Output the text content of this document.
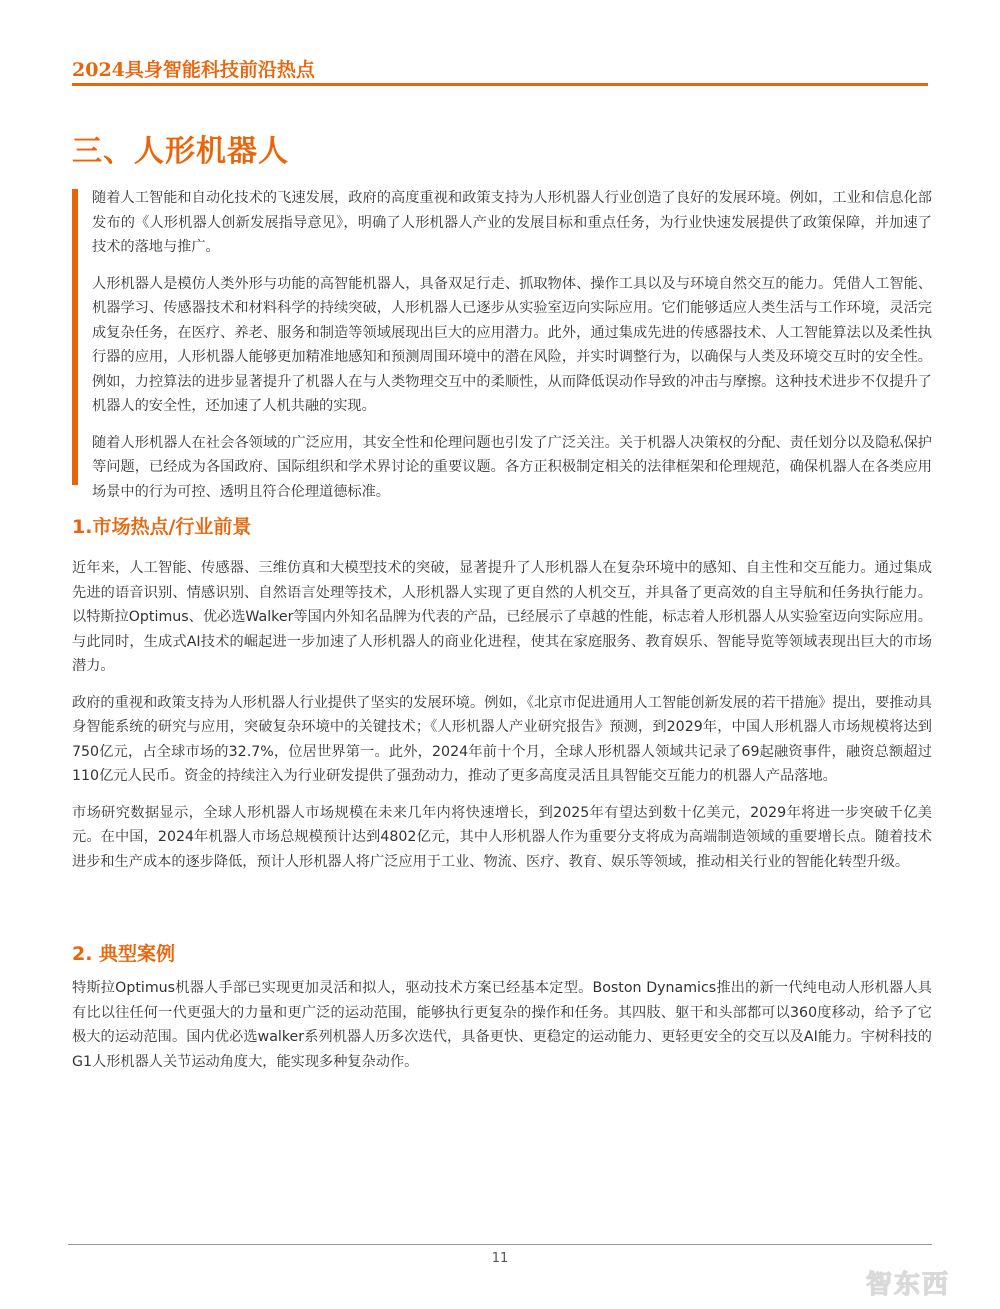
2024具身智能科技前沿热点
三、人形机器人

随着人工智能和自动化技术的飞速发展，政府的高度重视和政策支持为人形机器人行业创造了良好的发展环境。例如，工业和信息化部发布的《人形机器人创新发展指导意见》，明确了人形机器人产业的发展目标和重点任务，为行业快速发展提供了政策保障，并加速了技术的落地与推广。

人形机器人是模仿人类外形与功能的高智能机器人，具备双足行走、抓取物体、操作工具以及与环境自然交互的能力。凭借人工智能、机器学习、传感器技术和材料科学的持续突破，人形机器人已逐步从实验室迈向实际应用。它们能够适应人类生活与工作环境，灵活完成复杂任务，在医疗、养老、服务和制造等领域展现出巨大的应用潜力。此外，通过集成先进的传感器技术、人工智能算法以及柔性执行器的应用，人形机器人能够更加精准地感知和预测周围环境中的潜在风险，并实时调整行为，以确保与人类及环境交互时的安全性。例如，力控算法的进步显著提升了机器人在与人类物理交互中的柔顺性，从而降低误动作导致的冲击与摩擦。这种技术进步不仅提升了机器人的安全性，还加速了人机共融的实现。

随着人形机器人在社会各领域的广泛应用，其安全性和伦理问题也引发了广泛关注。关于机器人决策权的分配、责任划分以及隐私保护等问题，已经成为各国政府、国际组织和学术界讨论的重要议题。各方正积极制定相关的法律框架和伦理规范，确保机器人在各类应用场景中的行为可控、透明且符合伦理道德标准。

1.市场热点/行业前景

近年来，人工智能、传感器、三维仿真和大模型技术的突破，显著提升了人形机器人在复杂环境中的感知、自主性和交互能力。通过集成先进的语音识别、情感识别、自然语言处理等技术，人形机器人实现了更自然的人机交互，并具备了更高效的自主导航和任务执行能力。以特斯拉Optimus、优必选Walker等国内外知名品牌为代表的产品，已经展示了卓越的性能，标志着人形机器人从实验室迈向实际应用。与此同时，生成式AI技术的崛起进一步加速了人形机器人的商业化进程，使其在家庭服务、教育娱乐、智能导览等领域表现出巨大的市场潜力。

政府的重视和政策支持为人形机器人行业提供了坚实的发展环境。例如，《北京市促进通用人工智能创新发展的若干措施》提出，要推动具身智能系统的研究与应用，突破复杂环境中的关键技术；《人形机器人产业研究报告》预测，到2029年，中国人形机器人市场规模将达到750亿元，占全球市场的32.7%，位居世界第一。此外，2024年前十个月，全球人形机器人领域共记录了69起融资事件，融资总额超过110亿元人民币。资金的持续注入为行业研发提供了强劲动力，推动了更多高度灵活且具智能交互能力的机器人产品落地。

市场研究数据显示，全球人形机器人市场规模在未来几年内将快速增长，到2025年有望达到数十亿美元，2029年将进一步突破千亿美元。在中国，2024年机器人市场总规模预计达到4802亿元，其中人形机器人作为重要分支将成为高端制造领域的重要增长点。随着技术进步和生产成本的逐步降低，预计人形机器人将广泛应用于工业、物流、医疗、教育、娱乐等领域，推动相关行业的智能化转型升级。

2. 典型案例

特斯拉Optimus机器人手部已实现更加灵活和拟人，驱动技术方案已经基本定型。Boston Dynamics推出的新一代纯电动人形机器人具有比以往任何一代更强大的力量和更广泛的运动范围，能够执行更复杂的操作和任务。其四肢、躯干和头部都可以360度移动，给予了它极大的运动范围。国内优必选walker系列机器人历多次迭代，具备更快、更稳定的运动能力、更轻更安全的交互以及AI能力。宇树科技的G1人形机器人关节运动角度大，能实现多种复杂动作。

11
智东西
